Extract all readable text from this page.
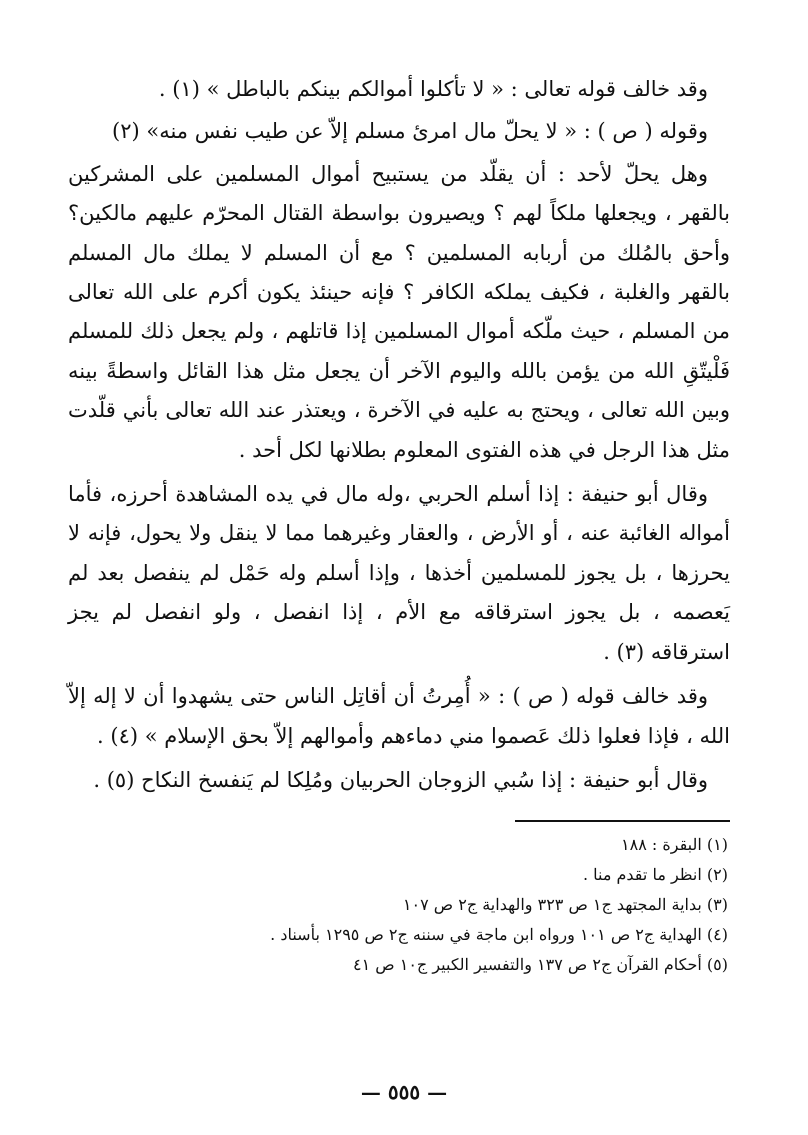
وقد خالف قوله تعالى : « لا تأكلوا أموالكم بينكم بالباطل » (١) .

وقوله ( ص ) : « لا يحلّ مال امرئ مسلم إلاّ عن طيب نفس منه» (٢)

وهل يحلّ لأحد : أن يقلّد من يستبيح أموال المسلمين على المشركين بالقهر ، ويجعلها ملكاً لهم ؟ ويصيرون بواسطة القتال المحرّم عليهم مالكين؟ وأحق بالمُلك من أربابه المسلمين ؟ مع أن المسلم لا يملك مال المسلم بالقهر والغلبة ، فكيف يملكه الكافر ؟ فإنه حينئذ يكون أكرم على الله تعالى من المسلم ، حيث ملّكه أموال المسلمين إذا قاتلهم ، ولم يجعل ذلك للمسلم فَلْيتّقِ الله من يؤمن بالله واليوم الآخر أن يجعل مثل هذا القائل واسطةً بينه وبين الله تعالى ، ويحتج به عليه في الآخرة ، ويعتذر عند الله تعالى بأني قلّدت مثل هذا الرجل في هذه الفتوى المعلوم بطلانها لكل أحد .

وقال أبو حنيفة : إذا أسلم الحربي ،وله مال في يده المشاهدة أحرزه، فأما أمواله الغائبة عنه ، أو الأرض ، والعقار وغيرهما مما لا ينقل ولا يحول، فإنه لا يحرزها ، بل يجوز للمسلمين أخذها ، وإذا أسلم وله حَمْل لم ينفصل بعد لم يَعصمه ، بل يجوز استرقاقه مع الأم ، إذا انفصل ، ولو انفصل لم يجز استرقاقه (٣) .

وقد خالف قوله ( ص ) : « أُمِرتُ أن أقاتِل الناس حتى يشهدوا أن لا إله إلاّ الله ، فإذا فعلوا ذلك عَصموا مني دماءهم وأموالهم إلاّ بحق الإسلام » (٤) .

وقال أبو حنيفة : إذا سُبي الزوجان الحربيان ومُلِكا لم يَنفسخ النكاح (٥) .

(١) البقرة : ١٨٨

(٢) انظر ما تقدم منا .

(٣) بداية المجتهد ج١ ص ٣٢٣ والهداية ج٢ ص ١٠٧

(٤) الهداية ج٢ ص ١٠١ ورواه ابن ماجة في سننه ج٢ ص ١٢٩٥ بأسناد .

(٥) أحكام القرآن ج٢ ص ١٣٧ والتفسير الكبير ج١٠ ص ٤١

— ٥٥٥ —
